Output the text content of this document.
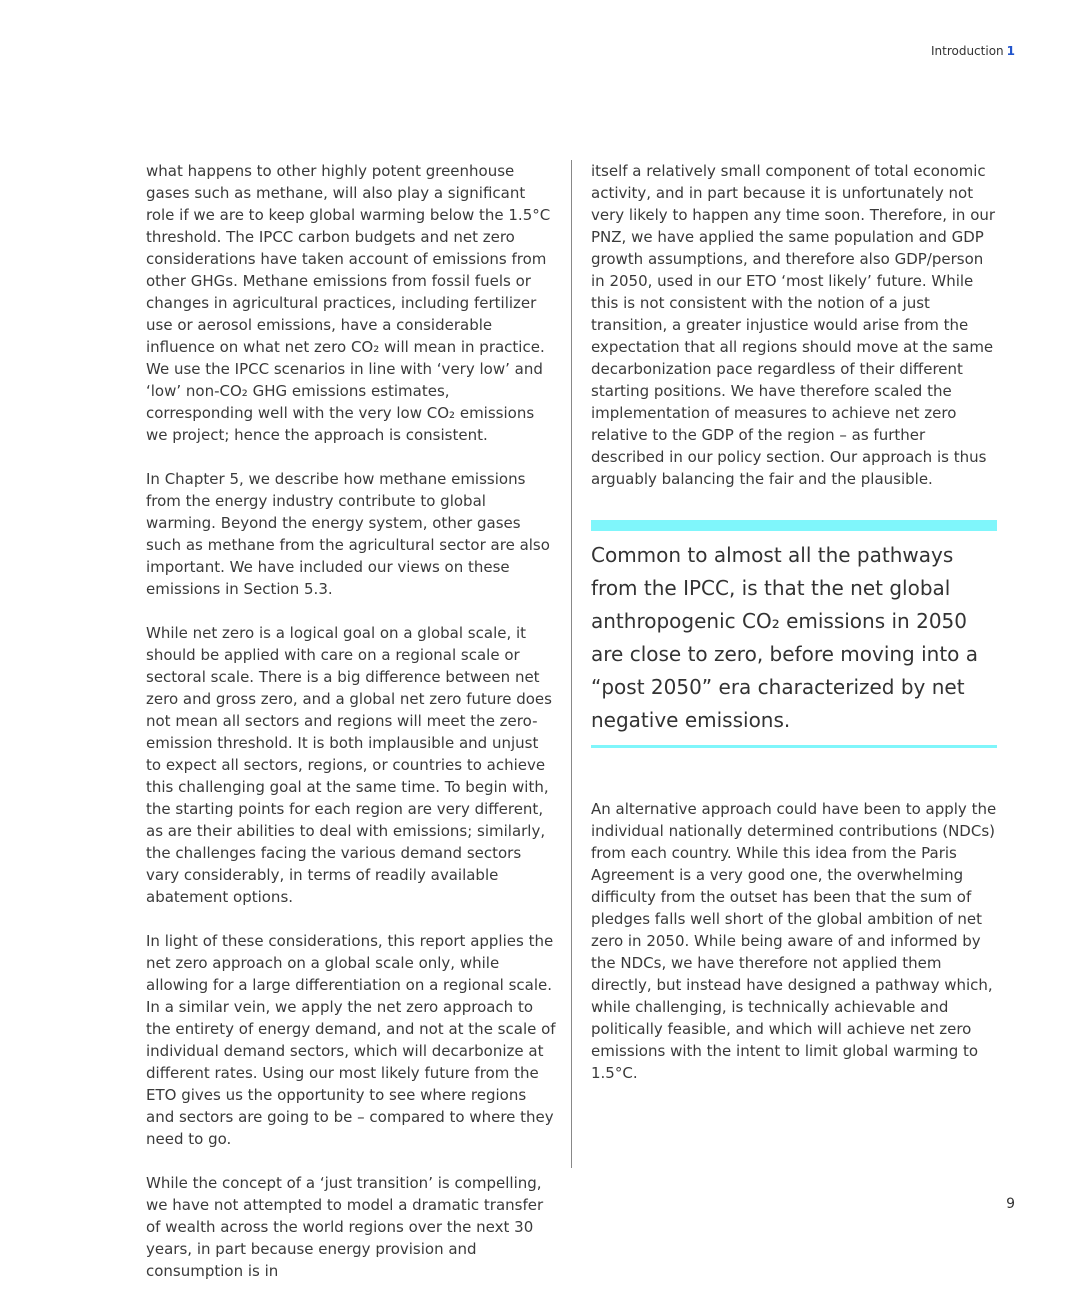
Introduction 1

what happens to other highly potent greenhouse gases such as methane, will also play a significant role if we are to keep global warming below the 1.5°C threshold. The IPCC carbon budgets and net zero considerations have taken account of emissions from other GHGs. Methane emissions from fossil fuels or changes in agricultural practices, including fertilizer use or aerosol emissions, have a considerable influence on what net zero CO₂ will mean in practice. We use the IPCC scenarios in line with ‘very low’ and ‘low’ non-CO₂ GHG emissions estimates, corresponding well with the very low CO₂ emissions we project; hence the approach is consistent.

In Chapter 5, we describe how methane emissions from the energy industry contribute to global warming. Beyond the energy system, other gases such as methane from the agricultural sector are also important. We have included our views on these emissions in Section 5.3.

While net zero is a logical goal on a global scale, it should be applied with care on a regional scale or sectoral scale. There is a big difference between net zero and gross zero, and a global net zero future does not mean all sectors and regions will meet the zero-emission threshold. It is both implausible and unjust to expect all sectors, regions, or countries to achieve this challenging goal at the same time. To begin with, the starting points for each region are very different, as are their abilities to deal with emissions; similarly, the challenges facing the various demand sectors vary considerably, in terms of readily available abatement options.

In light of these considerations, this report applies the net zero approach on a global scale only, while allowing for a large differentiation on a regional scale. In a similar vein, we apply the net zero approach to the entirety of energy demand, and not at the scale of individual demand sectors, which will decarbonize at different rates. Using our most likely future from the ETO gives us the opportunity to see where regions and sectors are going to be – compared to where they need to go.

While the concept of a ‘just transition’ is compelling, we have not attempted to model a dramatic transfer of wealth across the world regions over the next 30 years, in part because energy provision and consumption is in

itself a relatively small component of total economic activity, and in part because it is unfortunately not very likely to happen any time soon. Therefore, in our PNZ, we have applied the same population and GDP growth assumptions, and therefore also GDP/person in 2050, used in our ETO ‘most likely’ future. While this is not consistent with the notion of a just transition, a greater injustice would arise from the expectation that all regions should move at the same decarbonization pace regardless of their different starting positions. We have therefore scaled the implementation of measures to achieve net zero relative to the GDP of the region – as further described in our policy section. Our approach is thus arguably balancing the fair and the plausible.

Common to almost all the pathways from the IPCC, is that the net global anthropogenic CO₂ emissions in 2050 are close to zero, before moving into a “post 2050” era characterized by net negative emissions.

An alternative approach could have been to apply the individual nationally determined contributions (NDCs) from each country. While this idea from the Paris Agreement is a very good one, the overwhelming difficulty from the outset has been that the sum of pledges falls well short of the global ambition of net zero in 2050. While being aware of and informed by the NDCs, we have therefore not applied them directly, but instead have designed a pathway which, while challenging, is technically achievable and politically feasible, and which will achieve net zero emissions with the intent to limit global warming to 1.5°C.

9
